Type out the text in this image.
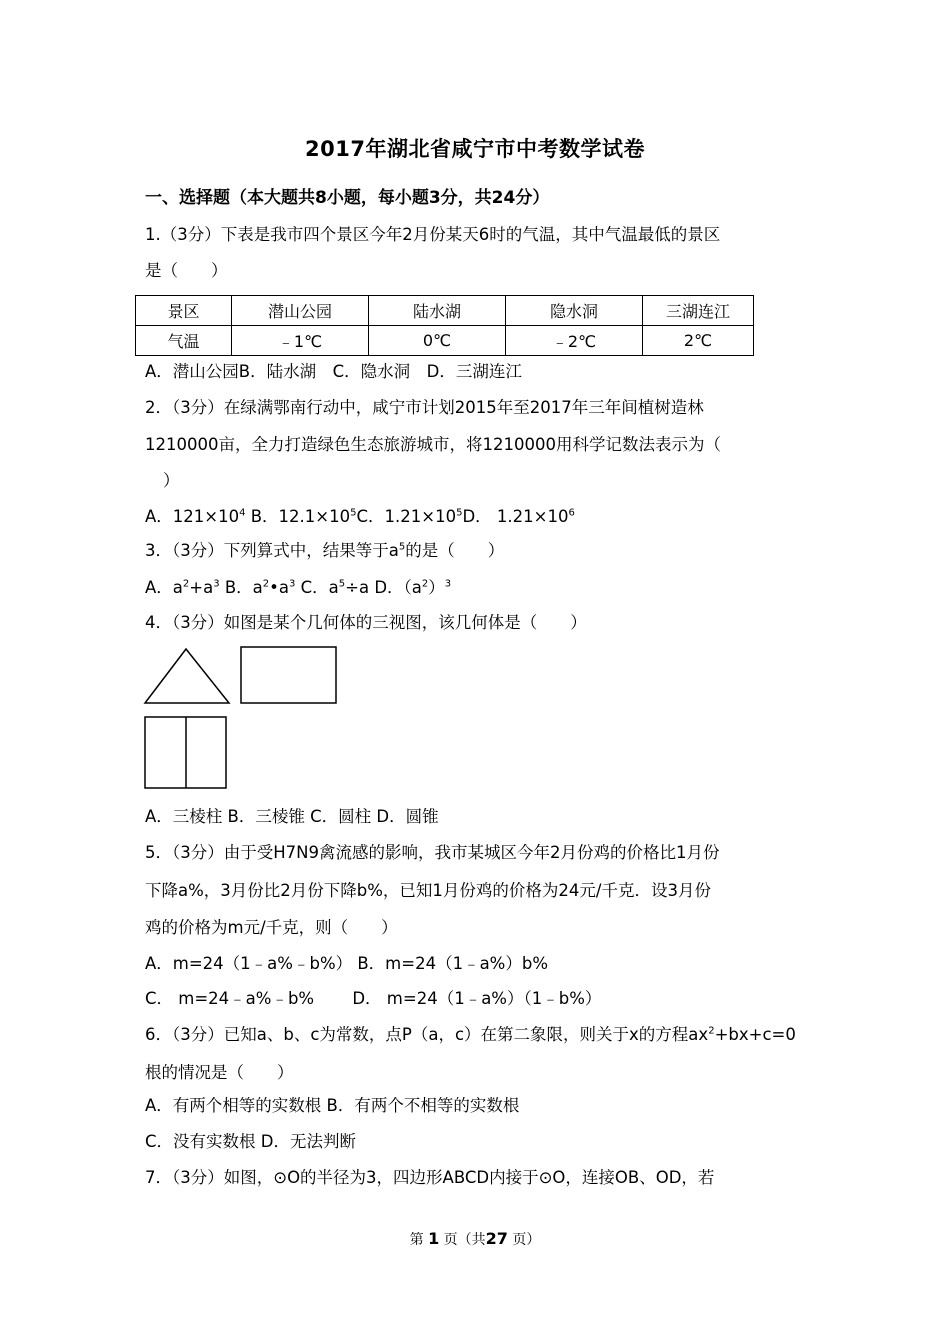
2017年湖北省咸宁市中考数学试卷
一、选择题（本大题共8小题，每小题3分，共24分）
1.（3分）下表是我市四个景区今年2月份某天6时的气温，其中气温最低的景区
是（　　）
景区	潜山公园	陆水湖	隐水洞	三湖连江
气温	﹣1℃	0℃	﹣2℃	2℃
A．潜山公园B．陆水湖　C．隐水洞　D．三湖连江
2．（3分）在绿满鄂南行动中，咸宁市计划2015年至2017年三年间植树造林
1210000亩，全力打造绿色生态旅游城市，将1210000用科学记数法表示为（
）
A．$121\times 10^4$ B．$12.1\times 10^5C$．$1.21\times 10^5D$． $1.21\times 10^6$
3．（3分）下列算式中，结果等于$a^5$的是（　　）
A．$a^2+a^3$ B．$a^2•a^3$ C．$a^5\div a$ D．$(a^2)^3$
4．（3分）如图是某个几何体的三视图，该几何体是（　　）
A．三棱柱 B．三棱锥 C．圆柱 D．圆锥
5．（3分）由于受H7N9禽流感的影响，我市某城区今年2月份鸡的价格比1月份
下降a%，3月份比2月份下降b%，已知1月份鸡的价格为24元/千克．设3月份
鸡的价格为m元/千克，则（　　）
A．m=24（1﹣a%﹣b%） B．m=24（1﹣a%）b%
C． m=24﹣a%﹣b%　　 D． m=24（1﹣a%）（1﹣b%）
6．（3分）已知a、b、c为常数，点P（a，c）在第二象限，则关于x的方程$ax^2+bx+c=0$
根的情况是（　　）
A．有两个相等的实数根 B．有两个不相等的实数根
C．没有实数根 D．无法判断
7．（3分）如图，⊙O的半径为3，四边形ABCD内接于⊙O，连接OB、OD，若
第 1 页（共27 页）
